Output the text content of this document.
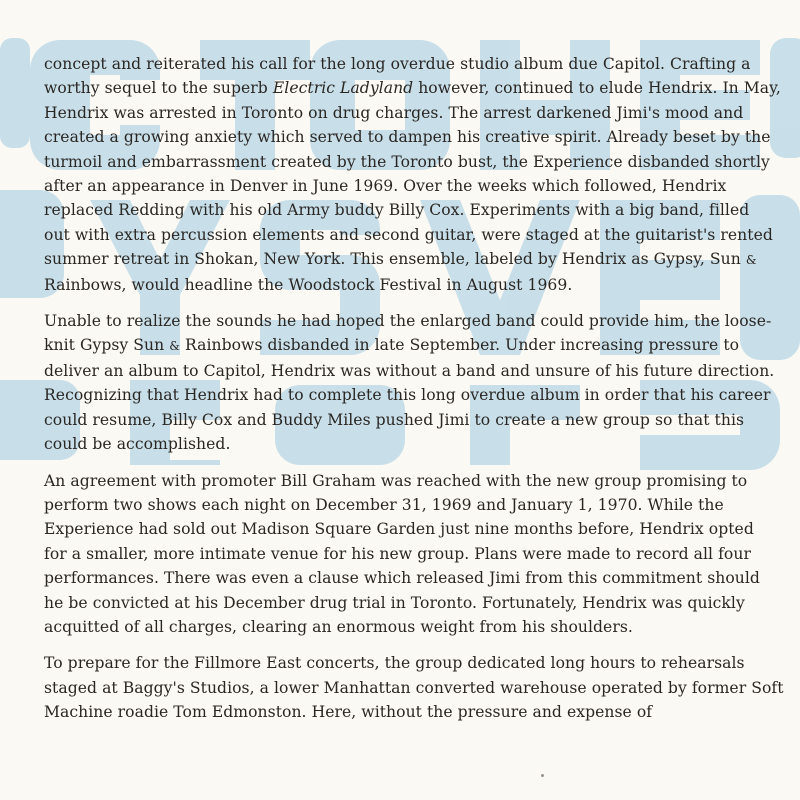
concept and reiterated his call for the long overdue studio album due Capitol. Crafting a
worthy sequel to the superb Electric Ladyland however, continued to elude Hendrix. In May,
Hendrix was arrested in Toronto on drug charges. The arrest darkened Jimi's mood and
created a growing anxiety which served to dampen his creative spirit. Already beset by the
turmoil and embarrassment created by the Toronto bust, the Experience disbanded shortly
after an appearance in Denver in June 1969. Over the weeks which followed, Hendrix
replaced Redding with his old Army buddy Billy Cox. Experiments with a big band, filled
out with extra percussion elements and second guitar, were staged at the guitarist's rented
summer retreat in Shokan, New York. This ensemble, labeled by Hendrix as Gypsy, Sun &
Rainbows, would headline the Woodstock Festival in August 1969.

Unable to realize the sounds he had hoped the enlarged band could provide him, the loose-
knit Gypsy Sun & Rainbows disbanded in late September. Under increasing pressure to
deliver an album to Capitol, Hendrix was without a band and unsure of his future direction.
Recognizing that Hendrix had to complete this long overdue album in order that his career
could resume, Billy Cox and Buddy Miles pushed Jimi to create a new group so that this
could be accomplished.

An agreement with promoter Bill Graham was reached with the new group promising to
perform two shows each night on December 31, 1969 and January 1, 1970. While the
Experience had sold out Madison Square Garden just nine months before, Hendrix opted
for a smaller, more intimate venue for his new group. Plans were made to record all four
performances. There was even a clause which released Jimi from this commitment should
he be convicted at his December drug trial in Toronto. Fortunately, Hendrix was quickly
acquitted of all charges, clearing an enormous weight from his shoulders.

To prepare for the Fillmore East concerts, the group dedicated long hours to rehearsals
staged at Baggy's Studios, a lower Manhattan converted warehouse operated by former Soft
Machine roadie Tom Edmonston. Here, without the pressure and expense of
